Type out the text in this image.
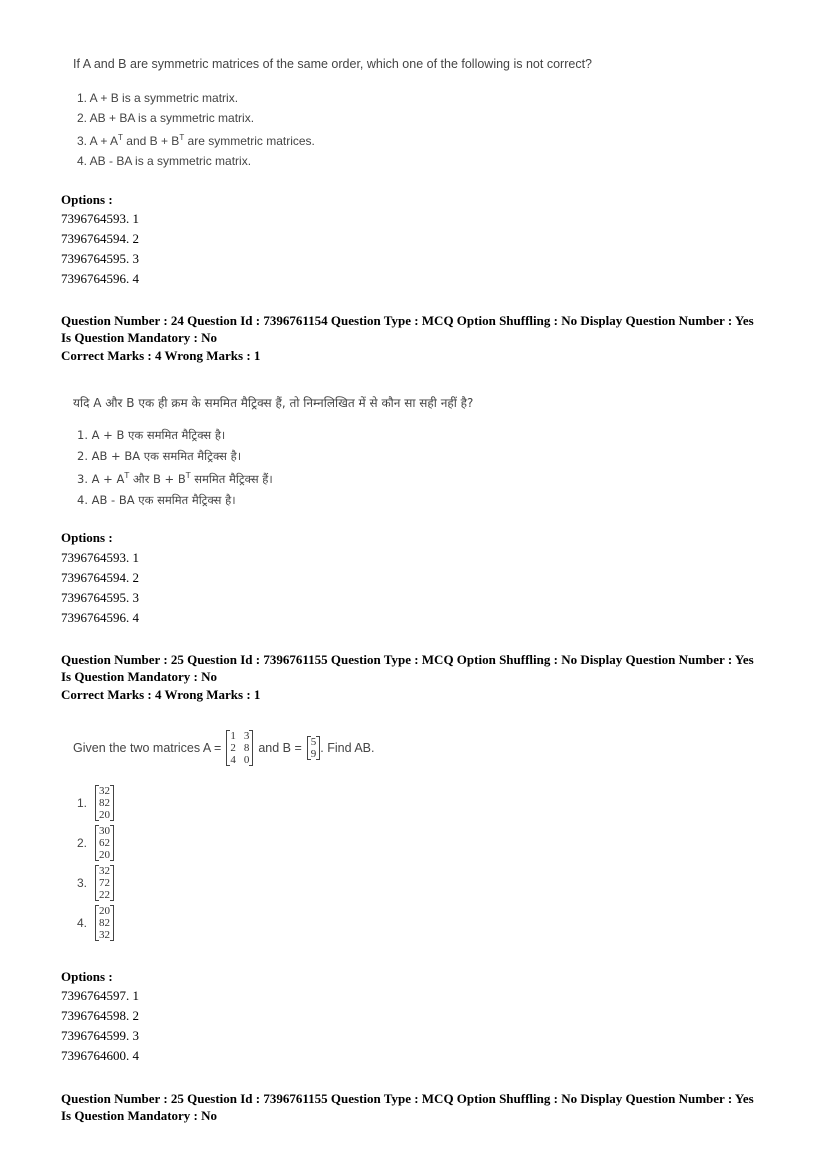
If A and B are symmetric matrices of the same order, which one of the following is not correct?
1. A + B is a symmetric matrix.
2. AB + BA is a symmetric matrix.
3. $A + A^T$ and $B + B^T$ are symmetric matrices.
4. AB - BA is a symmetric matrix.
Options :
7396764593. 1
7396764594. 2
7396764595. 3
7396764596. 4
Question Number : 24 Question Id : 7396761154 Question Type : MCQ Option Shuffling : No Display Question Number : Yes
Is Question Mandatory : No
Correct Marks : 4 Wrong Marks : 1
यदि A और B एक ही क्रम के सममित मैट्रिक्स हैं, तो निम्नलिखित में से कौन सा सही नहीं है?
1. A + B एक सममित मैट्रिक्स है।
2. AB + BA एक सममित मैट्रिक्स है।
3. $A + A^T$ और $B + B^T$ सममित मैट्रिक्स हैं।
4. AB - BA एक सममित मैट्रिक्स है।
Options :
7396764593. 1
7396764594. 2
7396764595. 3
7396764596. 4
Question Number : 25 Question Id : 7396761155 Question Type : MCQ Option Shuffling : No Display Question Number : Yes
Is Question Mandatory : No
Correct Marks : 4 Wrong Marks : 1
Given the two matrices A =
1 3
2 8
4 0
and B = 5
9 . Find AB.
1.
32
82
20
2.
30
62
20
3.
32
72
22
4.
20
82
32
Options :
7396764597. 1
7396764598. 2
7396764599. 3
7396764600. 4
Question Number : 25 Question Id : 7396761155 Question Type : MCQ Option Shuffling : No Display Question Number : Yes
Is Question Mandatory : No
